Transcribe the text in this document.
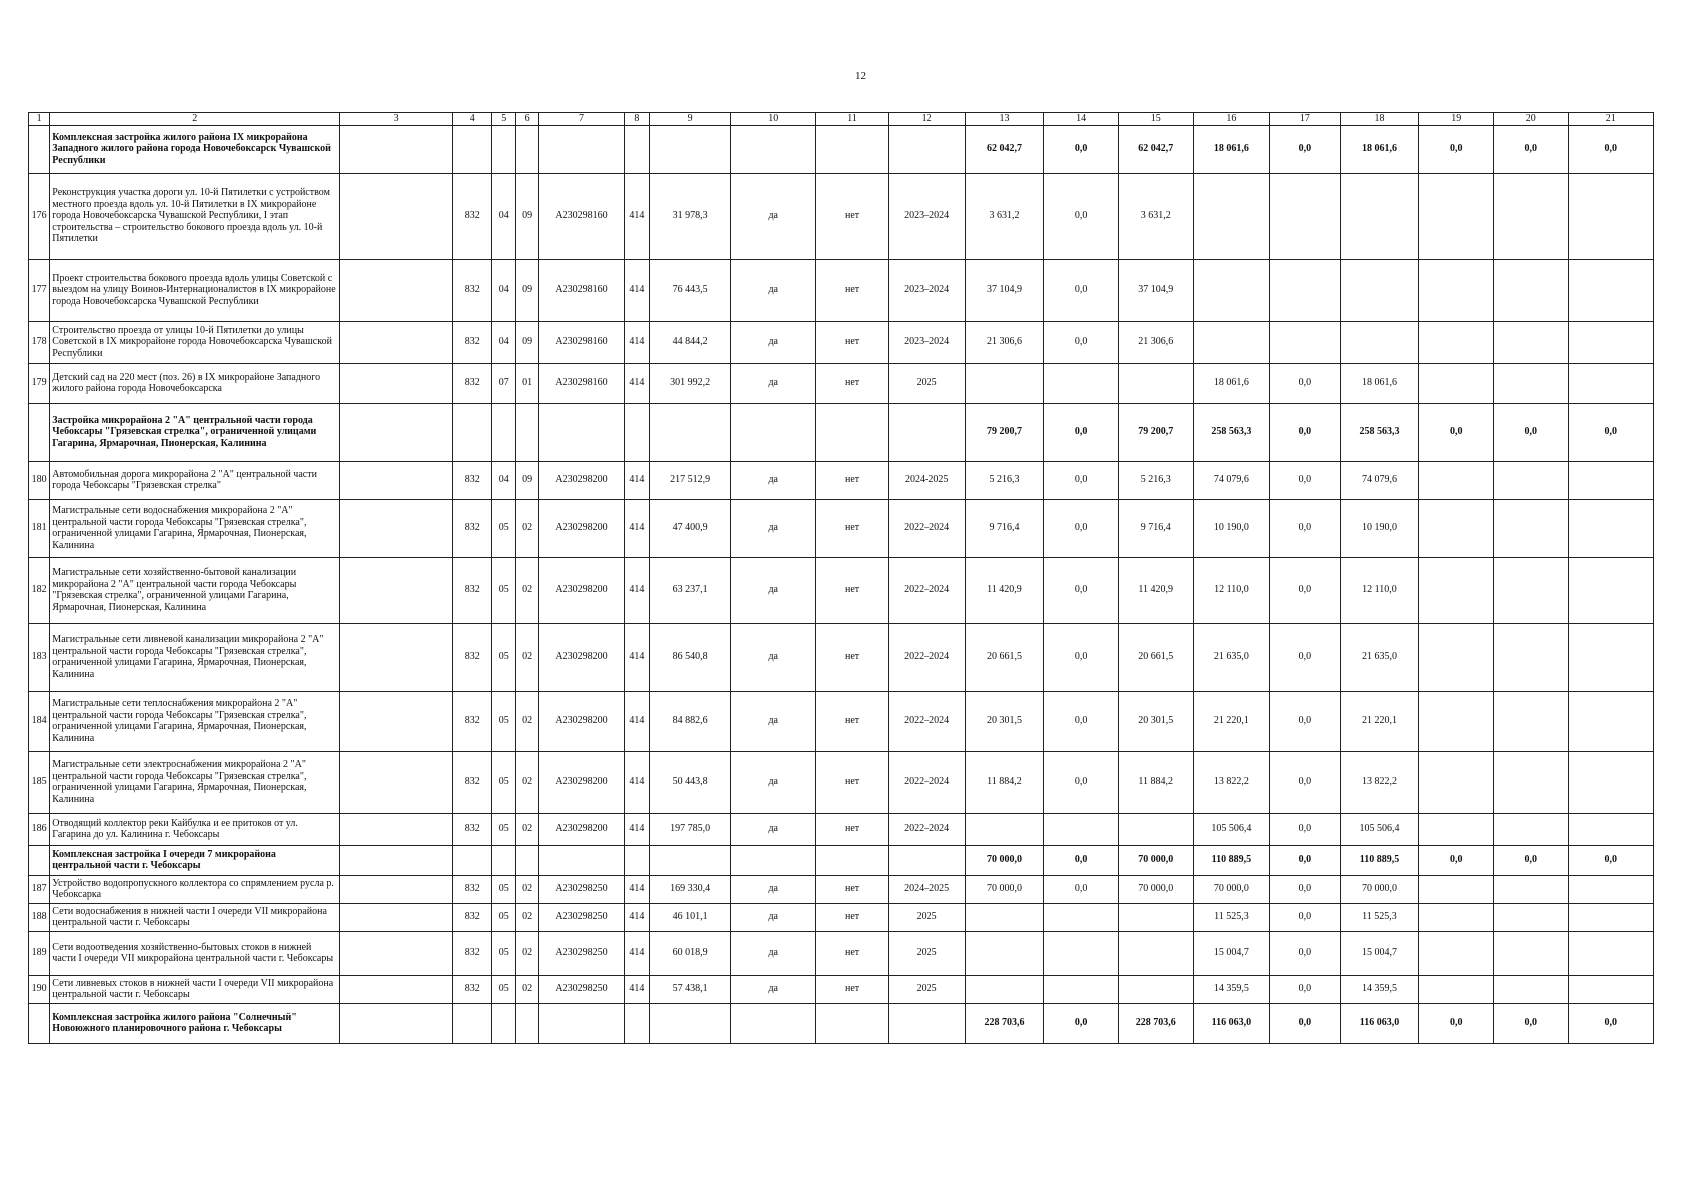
12
1	2	3	4	5	6	7	8	9	10	11	12	13	14	15	16	17	18	19	20	21
	Комплексная застройка жилого района IX микрорайона Западного жилого района города Новочебоксарск Чувашской Республики											62 042,7	0,0	62 042,7	18 061,6	0,0	18 061,6	0,0	0,0	0,0
176	Реконструкция участка дороги ул. 10-й Пятилетки с устройством местного проезда вдоль ул. 10-й Пятилетки в IX микрорайоне города Новочебоксарска Чувашской Республики, I этап строительства – строительство бокового проезда вдоль ул. 10-й Пятилетки		832	04	09	А230298160	414	31 978,3	да	нет	2023–2024	3 631,2	0,0	3 631,2						
177	Проект строительства бокового проезда вдоль улицы Советской с выездом на улицу Воинов-Интернационалистов в IX микрорайоне города Новочебоксарска Чувашской Республики		832	04	09	А230298160	414	76 443,5	да	нет	2023–2024	37 104,9	0,0	37 104,9						
178	Строительство проезда от улицы 10-й Пятилетки до улицы Советской в IX микрорайоне города Новочебоксарска Чувашской Республики		832	04	09	А230298160	414	44 844,2	да	нет	2023–2024	21 306,6	0,0	21 306,6						
179	Детский сад на 220 мест (поз. 26) в IX микрорайоне Западного жилого района города Новочебоксарска		832	07	01	А230298160	414	301 992,2	да	нет	2025				18 061,6	0,0	18 061,6			
	Застройка микрорайона 2 "А" центральной части города Чебоксары "Грязевская стрелка", ограниченной улицами Гагарина, Ярмарочная, Пионерская, Калинина											79 200,7	0,0	79 200,7	258 563,3	0,0	258 563,3	0,0	0,0	0,0
180	Автомобильная дорога микрорайона 2 "А" центральной части города Чебоксары "Грязевская стрелка"		832	04	09	А230298200	414	217 512,9	да	нет	2024-2025	5 216,3	0,0	5 216,3	74 079,6	0,0	74 079,6			
181	Магистральные сети водоснабжения микрорайона 2 "А" центральной части города Чебоксары "Грязевская стрелка", ограниченной улицами Гагарина, Ярмарочная, Пионерская, Калинина		832	05	02	А230298200	414	47 400,9	да	нет	2022–2024	9 716,4	0,0	9 716,4	10 190,0	0,0	10 190,0			
182	Магистральные сети хозяйственно-бытовой канализации микрорайона 2 "А" центральной части города Чебоксары "Грязевская стрелка", ограниченной улицами Гагарина, Ярмарочная, Пионерская, Калинина		832	05	02	А230298200	414	63 237,1	да	нет	2022–2024	11 420,9	0,0	11 420,9	12 110,0	0,0	12 110,0			
183	Магистральные сети ливневой канализации микрорайона 2 "А" центральной части города Чебоксары "Грязевская стрелка", ограниченной улицами Гагарина, Ярмарочная, Пионерская, Калинина		832	05	02	А230298200	414	86 540,8	да	нет	2022–2024	20 661,5	0,0	20 661,5	21 635,0	0,0	21 635,0			
184	Магистральные сети теплоснабжения микрорайона 2 "А" центральной части города Чебоксары "Грязевская стрелка", ограниченной улицами Гагарина, Ярмарочная, Пионерская, Калинина		832	05	02	А230298200	414	84 882,6	да	нет	2022–2024	20 301,5	0,0	20 301,5	21 220,1	0,0	21 220,1			
185	Магистральные сети электроснабжения микрорайона 2 "А" центральной части города Чебоксары "Грязевская стрелка", ограниченной улицами Гагарина, Ярмарочная, Пионерская, Калинина		832	05	02	А230298200	414	50 443,8	да	нет	2022–2024	11 884,2	0,0	11 884,2	13 822,2	0,0	13 822,2			
186	Отводящий коллектор реки Кайбулка и ее притоков от ул. Гагарина до ул. Калинина г. Чебоксары		832	05	02	А230298200	414	197 785,0	да	нет	2022–2024				105 506,4	0,0	105 506,4			
	Комплексная застройка I очереди 7 микрорайона центральной части г. Чебоксары											70 000,0	0,0	70 000,0	110 889,5	0,0	110 889,5	0,0	0,0	0,0
187	Устройство водопропускного коллектора со спрямлением русла р. Чебоксарка		832	05	02	А230298250	414	169 330,4	да	нет	2024–2025	70 000,0	0,0	70 000,0	70 000,0	0,0	70 000,0			
188	Сети водоснабжения в нижней части I очереди VII микрорайона центральной части г. Чебоксары		832	05	02	А230298250	414	46 101,1	да	нет	2025				11 525,3	0,0	11 525,3			
189	Сети водоотведения хозяйственно-бытовых стоков в нижней части I очереди VII микрорайона центральной части г. Чебоксары		832	05	02	А230298250	414	60 018,9	да	нет	2025				15 004,7	0,0	15 004,7			
190	Сети ливневых стоков в нижней части I очереди VII микрорайона центральной части г. Чебоксары		832	05	02	А230298250	414	57 438,1	да	нет	2025				14 359,5	0,0	14 359,5			
	Комплексная застройка жилого района "Солнечный" Новоюжного планировочного района г. Чебоксары											228 703,6	0,0	228 703,6	116 063,0	0,0	116 063,0	0,0	0,0	0,0
